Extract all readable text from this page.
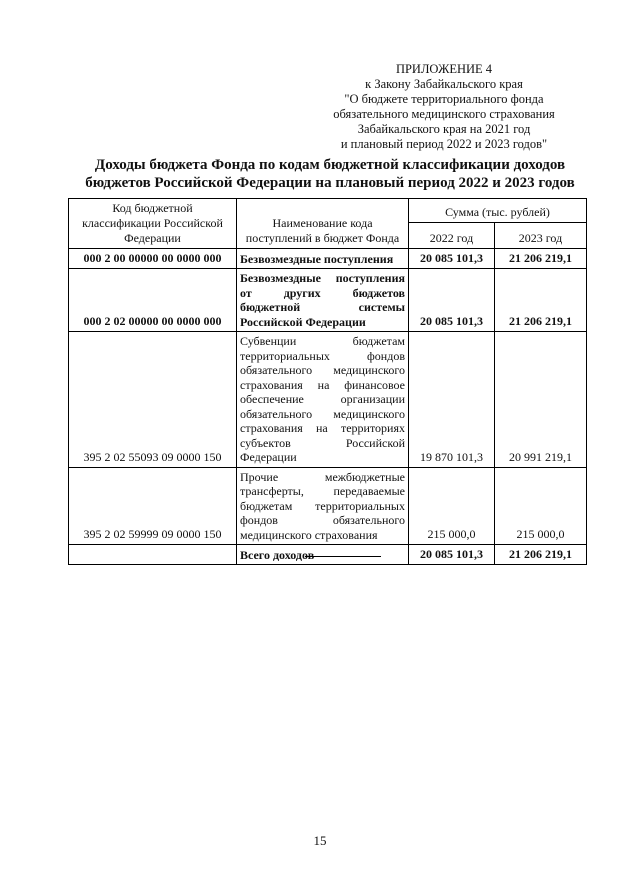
ПРИЛОЖЕНИЕ 4
к Закону Забайкальского края
"О бюджете территориального фонда
обязательного медицинского страхования
Забайкальского края на 2021 год
и плановый период 2022 и 2023 годов"
Доходы бюджета Фонда по кодам бюджетной классификации доходов
бюджетов Российской Федерации на плановый период 2022 и 2023 годов
Код бюджетной классификации Российской Федерации	Наименование кода поступлений в бюджет Фонда	Сумма (тыс. рублей)	
		2022 год	2023 год
000 2 00 00000 00 0000 000	Безвозмездные поступления	20 085 101,3	21 206 219,1
000 2 02 00000 00 0000 000	Безвозмездные поступления от других бюджетов бюджетной системы Российской Федерации	20 085 101,3	21 206 219,1
395 2 02 55093 09 0000 150	Субвенции бюджетам территориальных фондов обязательного медицинского страхования на финансовое обеспечение организации обязательного медицинского страхования на территориях субъектов Российской Федерации	19 870 101,3	20 991 219,1
395 2 02 59999 09 0000 150	Прочие межбюджетные трансферты, передаваемые бюджетам территориальных фондов обязательного медицинского страхования	215 000,0	215 000,0
	Всего доходов	20 085 101,3	21 206 219,1
15
